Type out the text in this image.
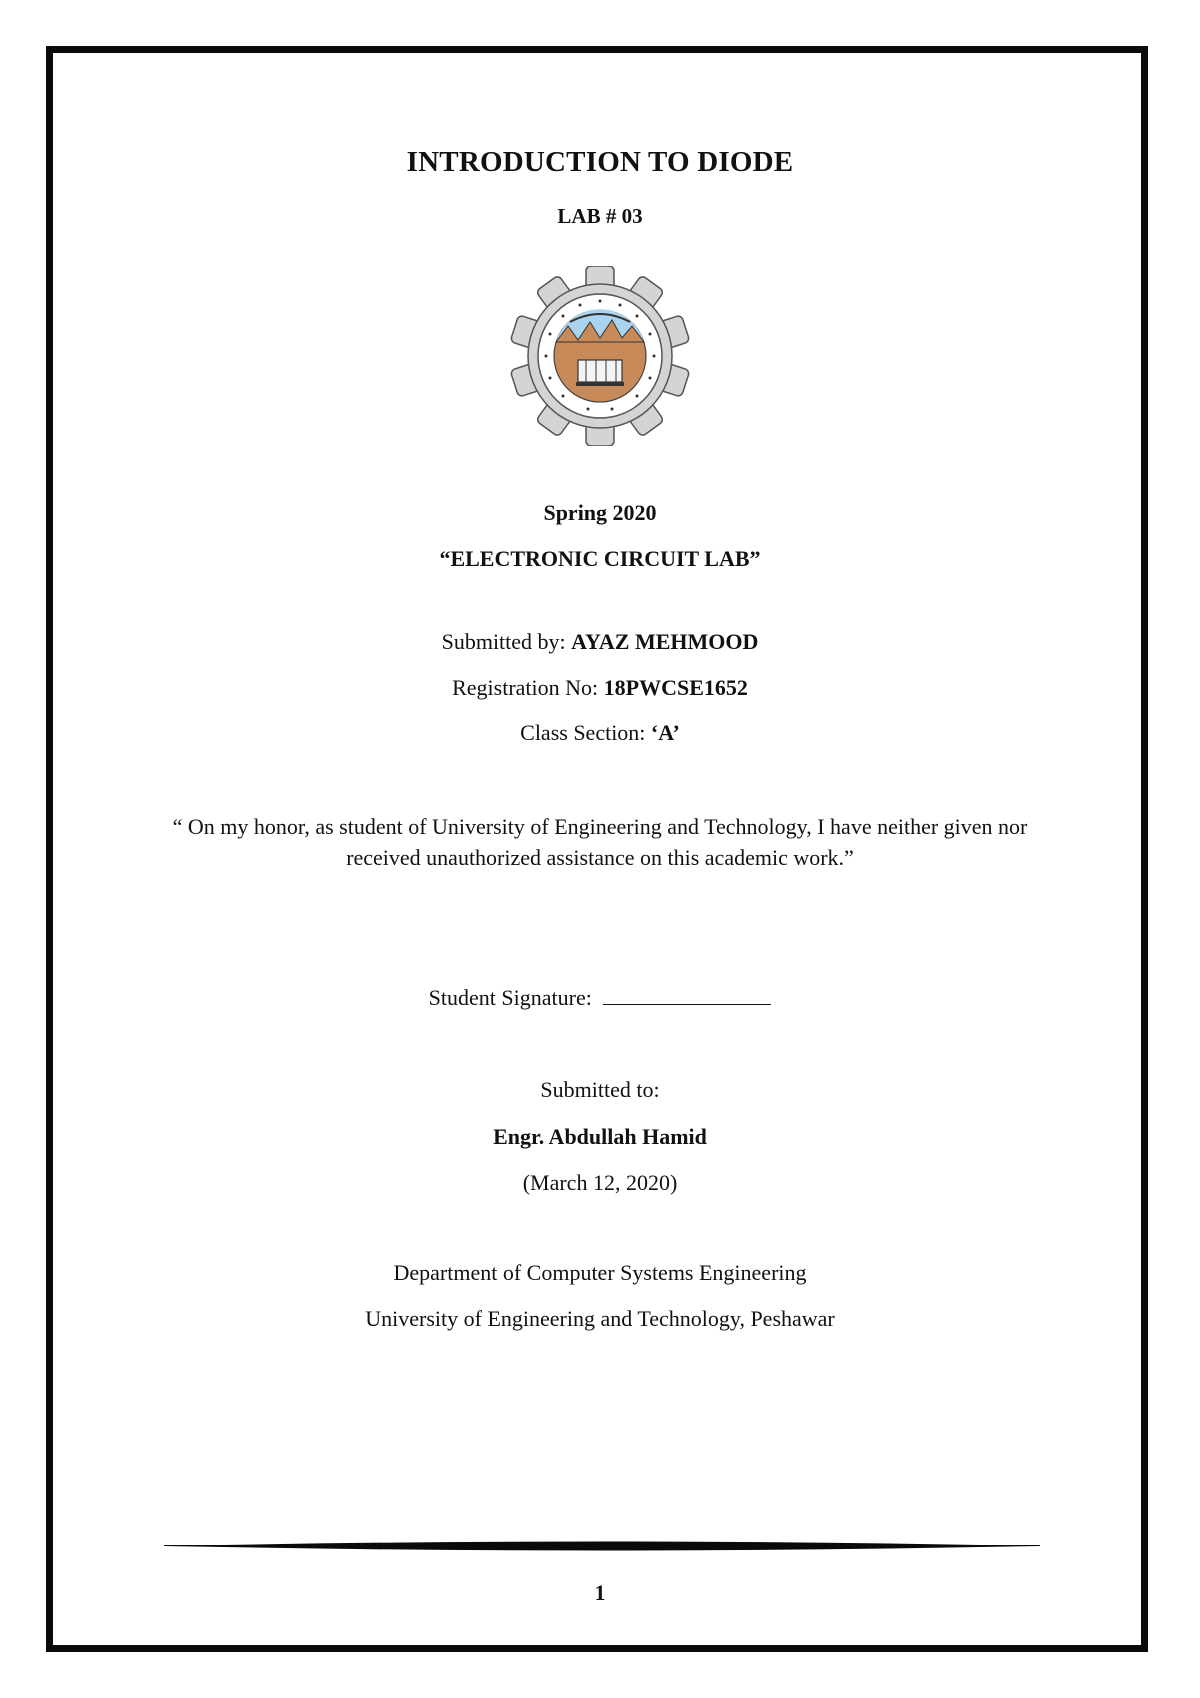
INTRODUCTION TO DIODE
LAB # 03
Spring 2020
“ELECTRONIC CIRCUIT LAB”
Submitted by: AYAZ MEHMOOD
Registration No: 18PWCSE1652
Class Section: ‘A’
“ On my honor, as student of University of Engineering and Technology, I have neither given nor received unauthorized assistance on this academic work.”
Student Signature:
Submitted to:
Engr. Abdullah Hamid
(March 12, 2020)
Department of Computer Systems Engineering
University of Engineering and Technology, Peshawar
1
